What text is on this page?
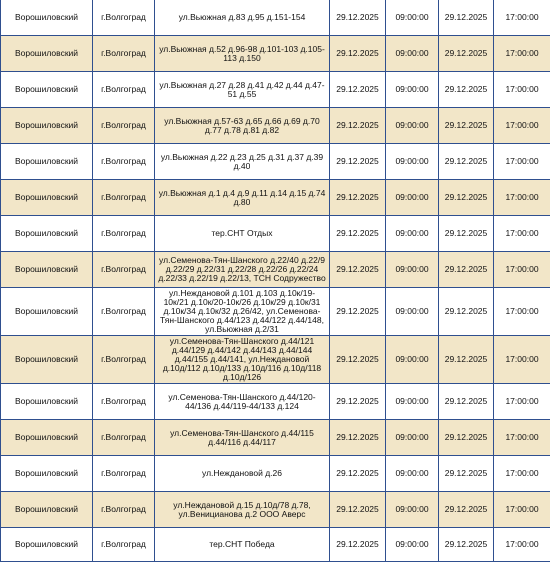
Ворошиловский	г.Волгоград	ул.Вьюжная д.83 д.95 д.151-154	29.12.2025	09:00:00	29.12.2025	17:00:00
Ворошиловский	г.Волгоград	ул.Вьюжная д.52 д.96-98 д.101-103 д.105-113 д.150	29.12.2025	09:00:00	29.12.2025	17:00:00
Ворошиловский	г.Волгоград	ул.Вьюжная д.27 д.28 д.41 д.42 д.44 д.47-51 д.55	29.12.2025	09:00:00	29.12.2025	17:00:00
Ворошиловский	г.Волгоград	ул.Вьюжная д.57-63 д.65 д.66 д.69 д.70 д.77 д.78 д.81 д.82	29.12.2025	09:00:00	29.12.2025	17:00:00
Ворошиловский	г.Волгоград	ул.Вьюжная д.22 д.23 д.25 д.31 д.37 д.39 д.40	29.12.2025	09:00:00	29.12.2025	17:00:00
Ворошиловский	г.Волгоград	ул.Вьюжная д.1 д.4 д.9 д.11 д.14 д.15 д.74 д.80	29.12.2025	09:00:00	29.12.2025	17:00:00
Ворошиловский	г.Волгоград	тер.СНТ Отдых	29.12.2025	09:00:00	29.12.2025	17:00:00
Ворошиловский	г.Волгоград	ул.Семенова-Тян-Шанского д.22/40 д.22/9 д.22/29 д.22/31 д.22/28 д.22/26 д.22/24 д.22/33 д.22/19 д.22/13, ТСН Содружество	29.12.2025	09:00:00	29.12.2025	17:00:00
Ворошиловский	г.Волгоград	ул.Неждановой д.101 д.103 д.10к/19-10к/21 д.10к/20-10к/26 д.10к/29 д.10к/31 д.10к/34 д.10к/32 д.26/42, ул.Семенова-Тян-Шанского д.44/123 д.44/122 д.44/148, ул.Вьюжная д.2/31	29.12.2025	09:00:00	29.12.2025	17:00:00
Ворошиловский	г.Волгоград	ул.Семенова-Тян-Шанского д.44/121 д.44/129 д.44/142 д.44/143 д.44/144 д.44/155 д.44/141, ул.Неждановой д.10д/112 д.10д/133 д.10д/116 д.10д/118 д.10д/126	29.12.2025	09:00:00	29.12.2025	17:00:00
Ворошиловский	г.Волгоград	ул.Семенова-Тян-Шанского д.44/120-44/136 д.44/119-44/133 д.124	29.12.2025	09:00:00	29.12.2025	17:00:00
Ворошиловский	г.Волгоград	ул.Семенова-Тян-Шанского д.44/115 д.44/116 д.44/117	29.12.2025	09:00:00	29.12.2025	17:00:00
Ворошиловский	г.Волгоград	ул.Неждановой д.26	29.12.2025	09:00:00	29.12.2025	17:00:00
Ворошиловский	г.Волгоград	ул.Неждановой д.15 д.10д/78 д.78, ул.Веницианова д.2 ООО Аверс	29.12.2025	09:00:00	29.12.2025	17:00:00
Ворошиловский	г.Волгоград	тер.СНТ Победа	29.12.2025	09:00:00	29.12.2025	17:00:00
